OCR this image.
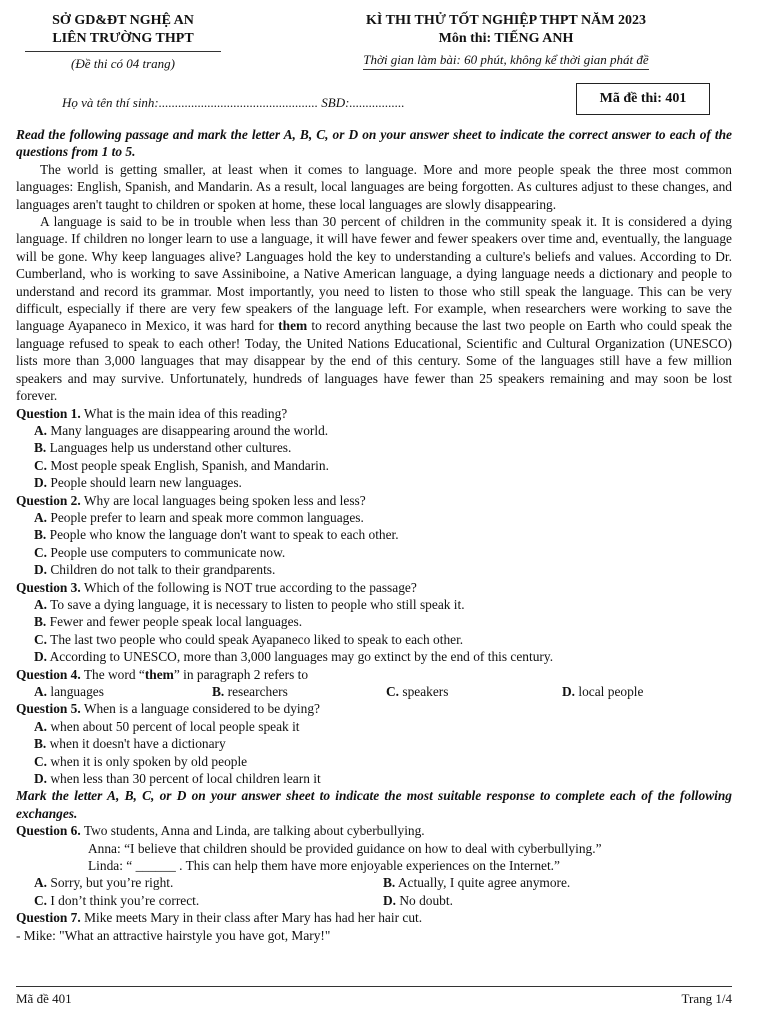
SỞ GD&ĐT NGHỆ AN
LIÊN TRƯỜNG THPT
(Đề thi có 04 trang)
KÌ THI THỬ TỐT NGHIỆP THPT NĂM 2023
Môn thi: TIẾNG ANH
Thời gian làm bài: 60 phút, không kể thời gian phát đề
Họ và tên thí sinh:................................................. SBD:.................	Mã đề thi: 401

Read the following passage and mark the letter A, B, C, or D on your answer sheet to indicate the correct answer to each of the questions from 1 to 5.

The world is getting smaller, at least when it comes to language. More and more people speak the three most common languages: English, Spanish, and Mandarin. As a result, local languages are being forgotten. As cultures adjust to these changes, and languages aren't taught to children or spoken at home, these local languages are slowly disappearing.

A language is said to be in trouble when less than 30 percent of children in the community speak it. It is considered a dying language. If children no longer learn to use a language, it will have fewer and fewer speakers over time and, eventually, the language will be gone. Why keep languages alive? Languages hold the key to understanding a culture's beliefs and values. According to Dr. Cumberland, who is working to save Assiniboine, a Native American language, a dying language needs a dictionary and people to understand and record its grammar. Most importantly, you need to listen to those who still speak the language. This can be very difficult, especially if there are very few speakers of the language left. For example, when researchers were working to save the language Ayapaneco in Mexico, it was hard for them to record anything because the last two people on Earth who could speak the language refused to speak to each other! Today, the United Nations Educational, Scientific and Cultural Organization (UNESCO) lists more than 3,000 languages that may disappear by the end of this century. Some of the languages still have a few million speakers and may survive. Unfortunately, hundreds of languages have fewer than 25 speakers remaining and may soon be lost forever.

Question 1. What is the main idea of this reading?
A. Many languages are disappearing around the world.
B. Languages help us understand other cultures.
C. Most people speak English, Spanish, and Mandarin.
D. People should learn new languages.
Question 2. Why are local languages being spoken less and less?
A. People prefer to learn and speak more common languages.
B. People who know the language don't want to speak to each other.
C. People use computers to communicate now.
D. Children do not talk to their grandparents.
Question 3. Which of the following is NOT true according to the passage?
A. To save a dying language, it is necessary to listen to people who still speak it.
B. Fewer and fewer people speak local languages.
C. The last two people who could speak Ayapaneco liked to speak to each other.
D. According to UNESCO, more than 3,000 languages may go extinct by the end of this century.
Question 4. The word “them” in paragraph 2 refers to
A. languages	B. researchers	C. speakers	D. local people
Question 5. When is a language considered to be dying?
A. when about 50 percent of local people speak it
B. when it doesn't have a dictionary
C. when it is only spoken by old people
D. when less than 30 percent of local children learn it

Mark the letter A, B, C, or D on your answer sheet to indicate the most suitable response to complete each of the following exchanges.

Question 6. Two students, Anna and Linda, are talking about cyberbullying.
Anna: “I believe that children should be provided guidance on how to deal with cyberbullying.”
Linda: “ ______ . This can help them have more enjoyable experiences on the Internet.”
A. Sorry, but you’re right.	B. Actually, I quite agree anymore.
C. I don’t think you’re correct.	D. No doubt.
Question 7. Mike meets Mary in their class after Mary has had her hair cut.
- Mike: "What an attractive hairstyle you have got, Mary!"
Mã đề 401	Trang 1/4
